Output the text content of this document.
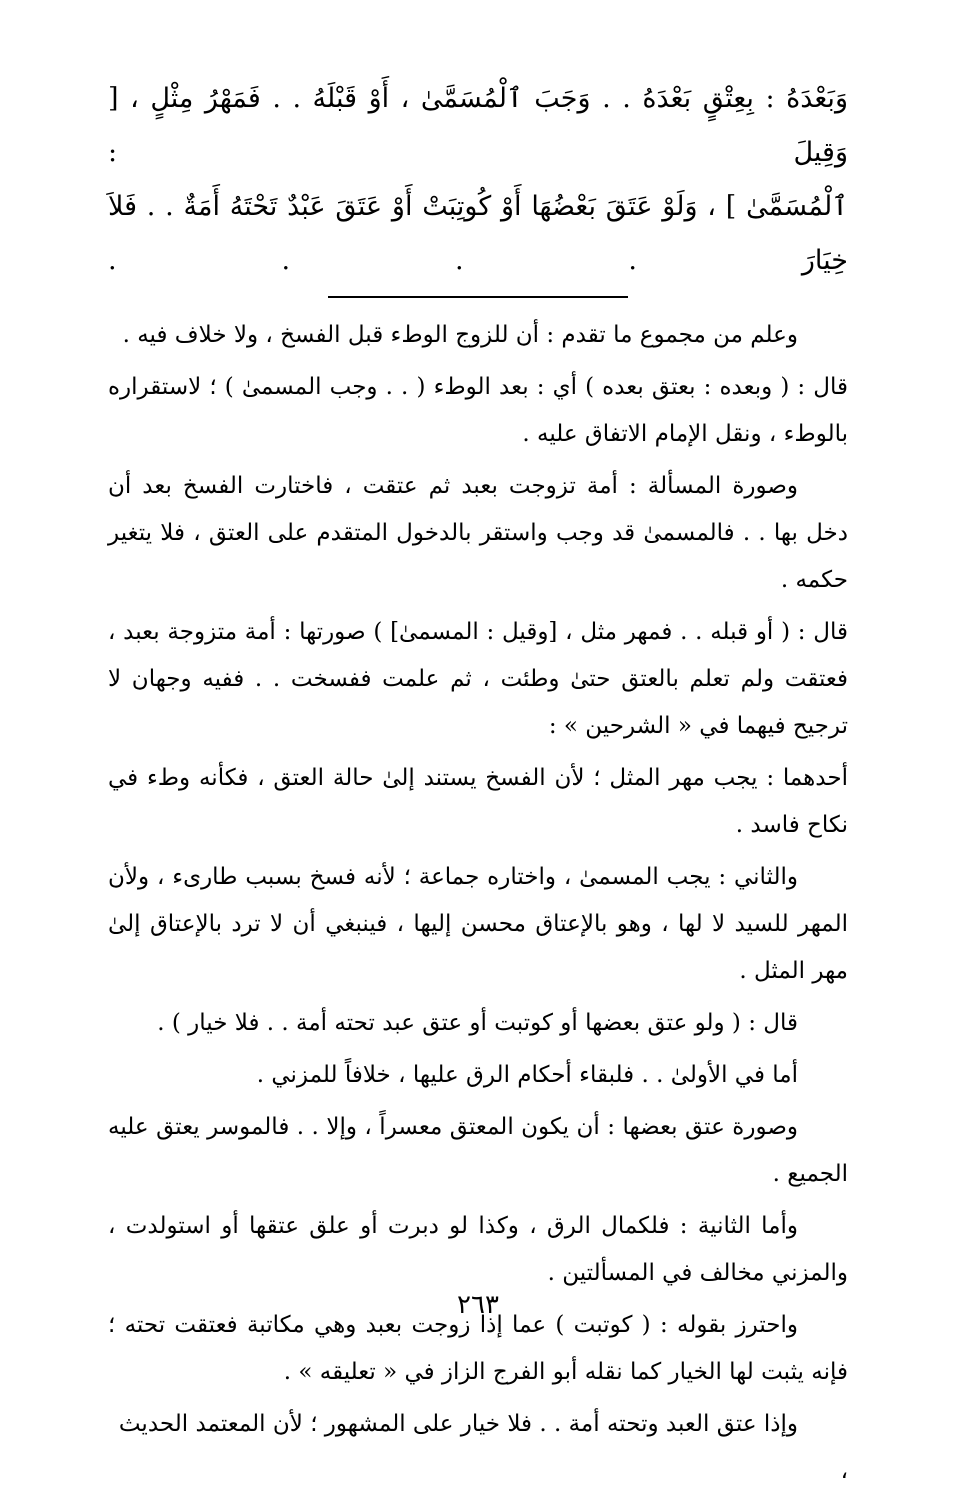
وَبَعْدَهُ : بِعِتْقٍ بَعْدَهُ . . وَجَبَ ٱلْمُسَمَّىٰ ، أَوْ قَبْلَهُ . . فَمَهْرُ مِثْلٍ ، [ وَقِيلَ :
ٱلْمُسَمَّىٰ ] ، وَلَوْ عَتَقَ بَعْضُهَا أَوْ كُوتِبَتْ أَوْ عَتَقَ عَبْدٌ تَحْتَهُ أَمَةٌ . . فَلاَ خِيَارَ . . . .

وعلم من مجموع ما تقدم : أن للزوج الوطء قبل الفسخ ، ولا خلاف فيه .

قال : ( وبعده : بعتق بعده ) أي : بعد الوطء ( . . وجب المسمىٰ ) ؛ لاستقراره بالوطء ، ونقل الإمام الاتفاق عليه .

وصورة المسألة : أمة تزوجت بعبد ثم عتقت ، فاختارت الفسخ بعد أن دخل بها . . فالمسمىٰ قد وجب واستقر بالدخول المتقدم على العتق ، فلا يتغير حكمه .

قال : ( أو قبله . . فمهر مثل ، [وقيل : المسمىٰ] ) صورتها : أمة متزوجة بعبد ، فعتقت ولم تعلم بالعتق حتىٰ وطئت ، ثم علمت ففسخت . . ففيه وجهان لا ترجيح فيهما في « الشرحين » :

أحدهما : يجب مهر المثل ؛ لأن الفسخ يستند إلىٰ حالة العتق ، فكأنه وطء في نكاح فاسد .

والثاني : يجب المسمىٰ ، واختاره جماعة ؛ لأنه فسخ بسبب طارىء ، ولأن المهر للسيد لا لها ، وهو بالإعتاق محسن إليها ، فينبغي أن لا ترد بالإعتاق إلىٰ مهر المثل .

قال : ( ولو عتق بعضها أو كوتبت أو عتق عبد تحته أمة . . فلا خيار ) .

أما في الأولىٰ . . فلبقاء أحكام الرق عليها ، خلافاً للمزني .

وصورة عتق بعضها : أن يكون المعتق معسراً ، وإلا . . فالموسر يعتق عليه الجميع .

وأما الثانية : فلكمال الرق ، وكذا لو دبرت أو علق عتقها أو استولدت ، والمزني مخالف في المسألتين .

واحترز بقوله : ( كوتبت ) عما إذا زوجت بعبد وهي مكاتبة فعتقت تحته ؛ فإنه يثبت لها الخيار كما نقله أبو الفرج الزاز في « تعليقه » .

وإذا عتق العبد وتحته أمة . . فلا خيار على المشهور ؛ لأن المعتمد الحديث ،

٢٦٣
